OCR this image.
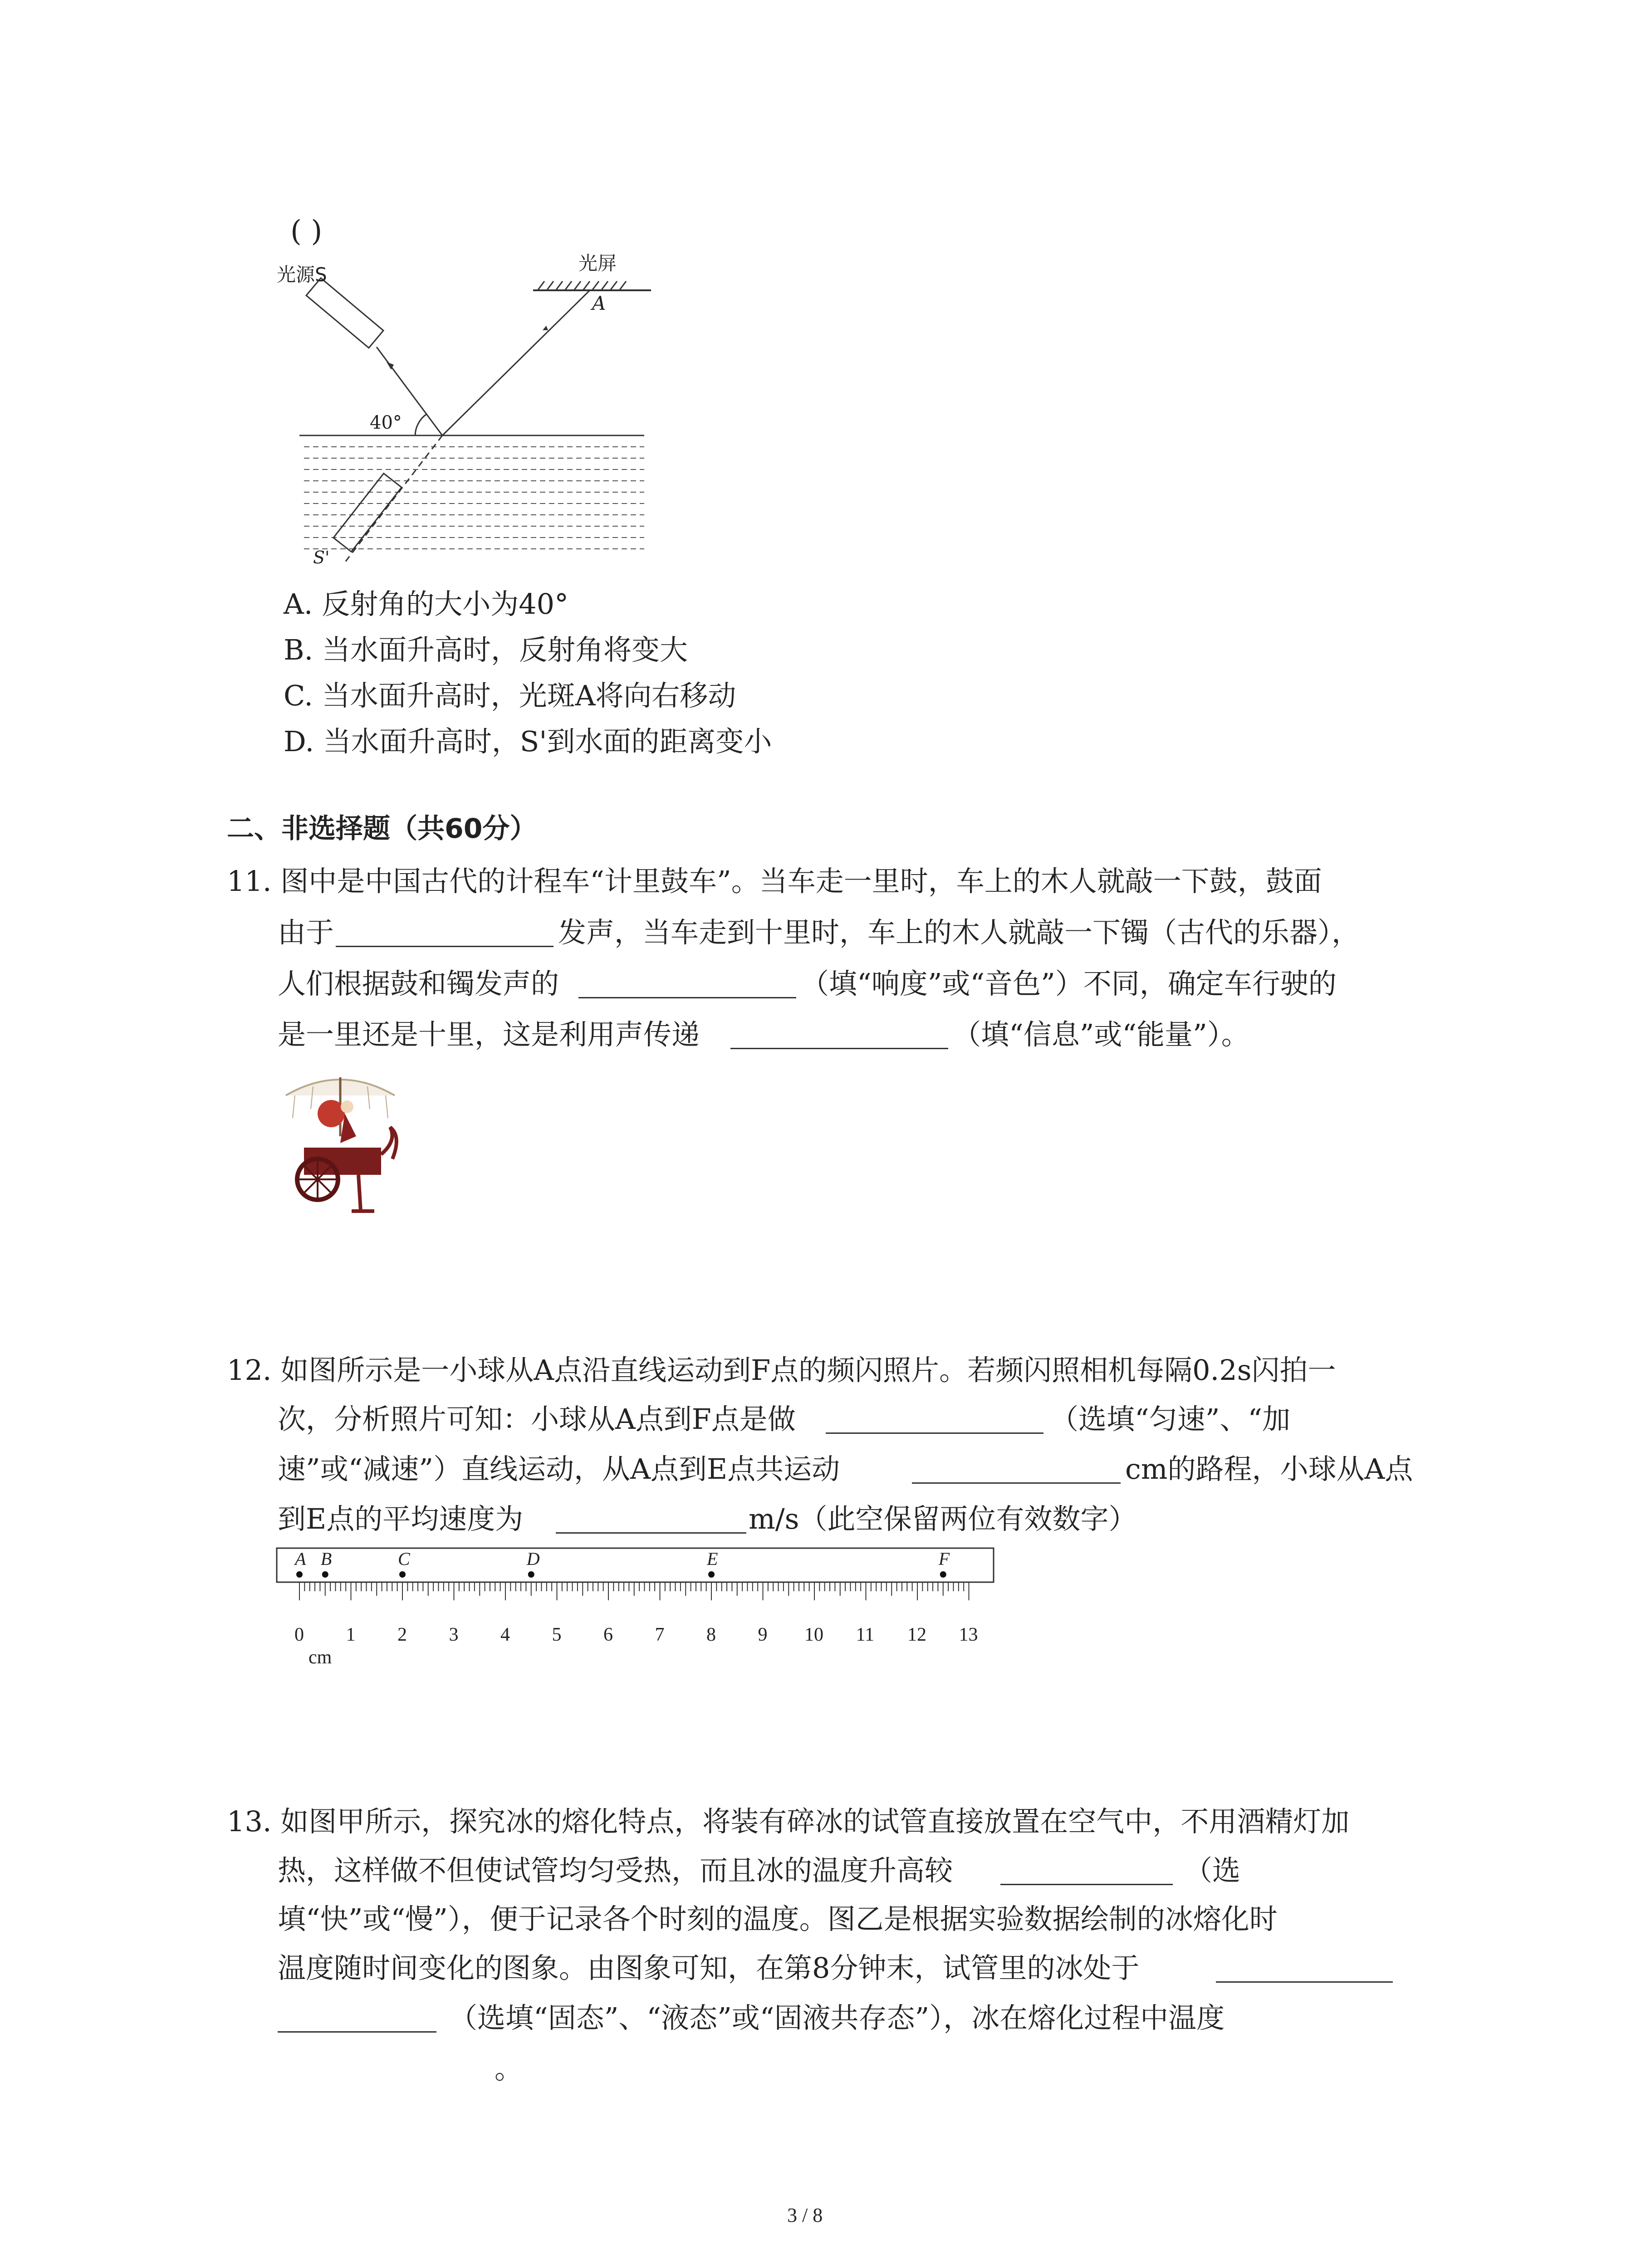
( )
光源S
光屏
A
40°
S'
A. 反射角的大小为40°
B. 当水面升高时，反射角将变大
C. 当水面升高时，光斑A将向右移动
D. 当水面升高时，S'到水面的距离变小
二、非选择题（共60分）
11. 图中是中国古代的计程车“计里鼓车”。当车走一里时，车上的木人就敲一下鼓，鼓面
由于	发声，当车走到十里时，车上的木人就敲一下镯（古代的乐器），
人们根据鼓和镯发声的	（填“响度”或“音色”）不同，确定车行驶的
是一里还是十里，这是利用声传递	（填“信息”或“能量”）。
12. 如图所示是一小球从A点沿直线运动到F点的频闪照片。若频闪照相机每隔0.2s闪拍一
次，分析照片可知：小球从A点到F点是做	（选填“匀速”、“加
速”或“减速”）直线运动，从A点到E点共运动	cm的路程，小球从A点
到E点的平均速度为	m/s（此空保留两位有效数字）
0 1 2 3 4 5 6 7 8 9 10 11 12 13
cm
A B	C	D	E	F
13. 如图甲所示，探究冰的熔化特点，将装有碎冰的试管直接放置在空气中，不用酒精灯加
热，这样做不但使试管均匀受热，而且冰的温度升高较	（选
填“快”或“慢”），便于记录各个时刻的温度。图乙是根据实验数据绘制的冰熔化时
温度随时间变化的图象。由图象可知，在第8分钟末，试管里的冰处于
（选填“固态”、“液态”或“固液共存态”），冰在熔化过程中温度
。
3 / 8
